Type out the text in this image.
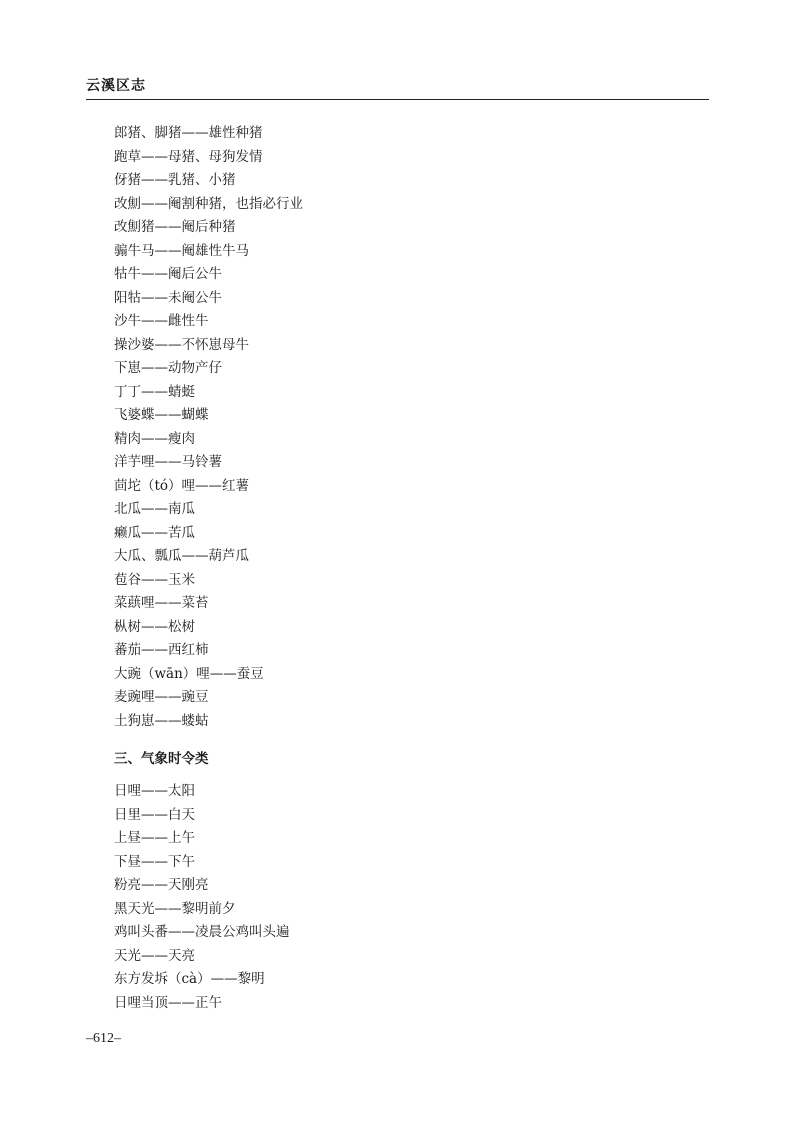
云溪区志
郎猪、脚猪——雄性种猪
跑草——母猪、母狗发情
伢猪——乳猪、小猪
改劁——阉割种猪，也指必行业
改劁猪——阉后种猪
骟牛马——阉雄性牛马
牯牛——阉后公牛
阳牯——未阉公牛
沙牛——雌性牛
操沙婆——不怀崽母牛
下崽——动物产仔
丁丁——蜻蜓
飞婆蝶——蝴蝶
精肉——瘦肉
洋芋哩——马铃薯
茴坨（tó）哩——红薯
北瓜——南瓜
癞瓜——苦瓜
大瓜、瓢瓜——葫芦瓜
苞谷——玉米
菜蕻哩——菜苔
枞树——松树
蕃茄——西红柿
大豌（wān）哩——蚕豆
麦豌哩——豌豆
土狗崽——蝼蛄
三、气象时令类
日哩——太阳
日里——白天
上昼——上午
下昼——下午
粉亮——天刚亮
黑天光——黎明前夕
鸡叫头番——凌晨公鸡叫头遍
天光——天亮
东方发坼（cà）——黎明
日哩当顶——正午
–612–
